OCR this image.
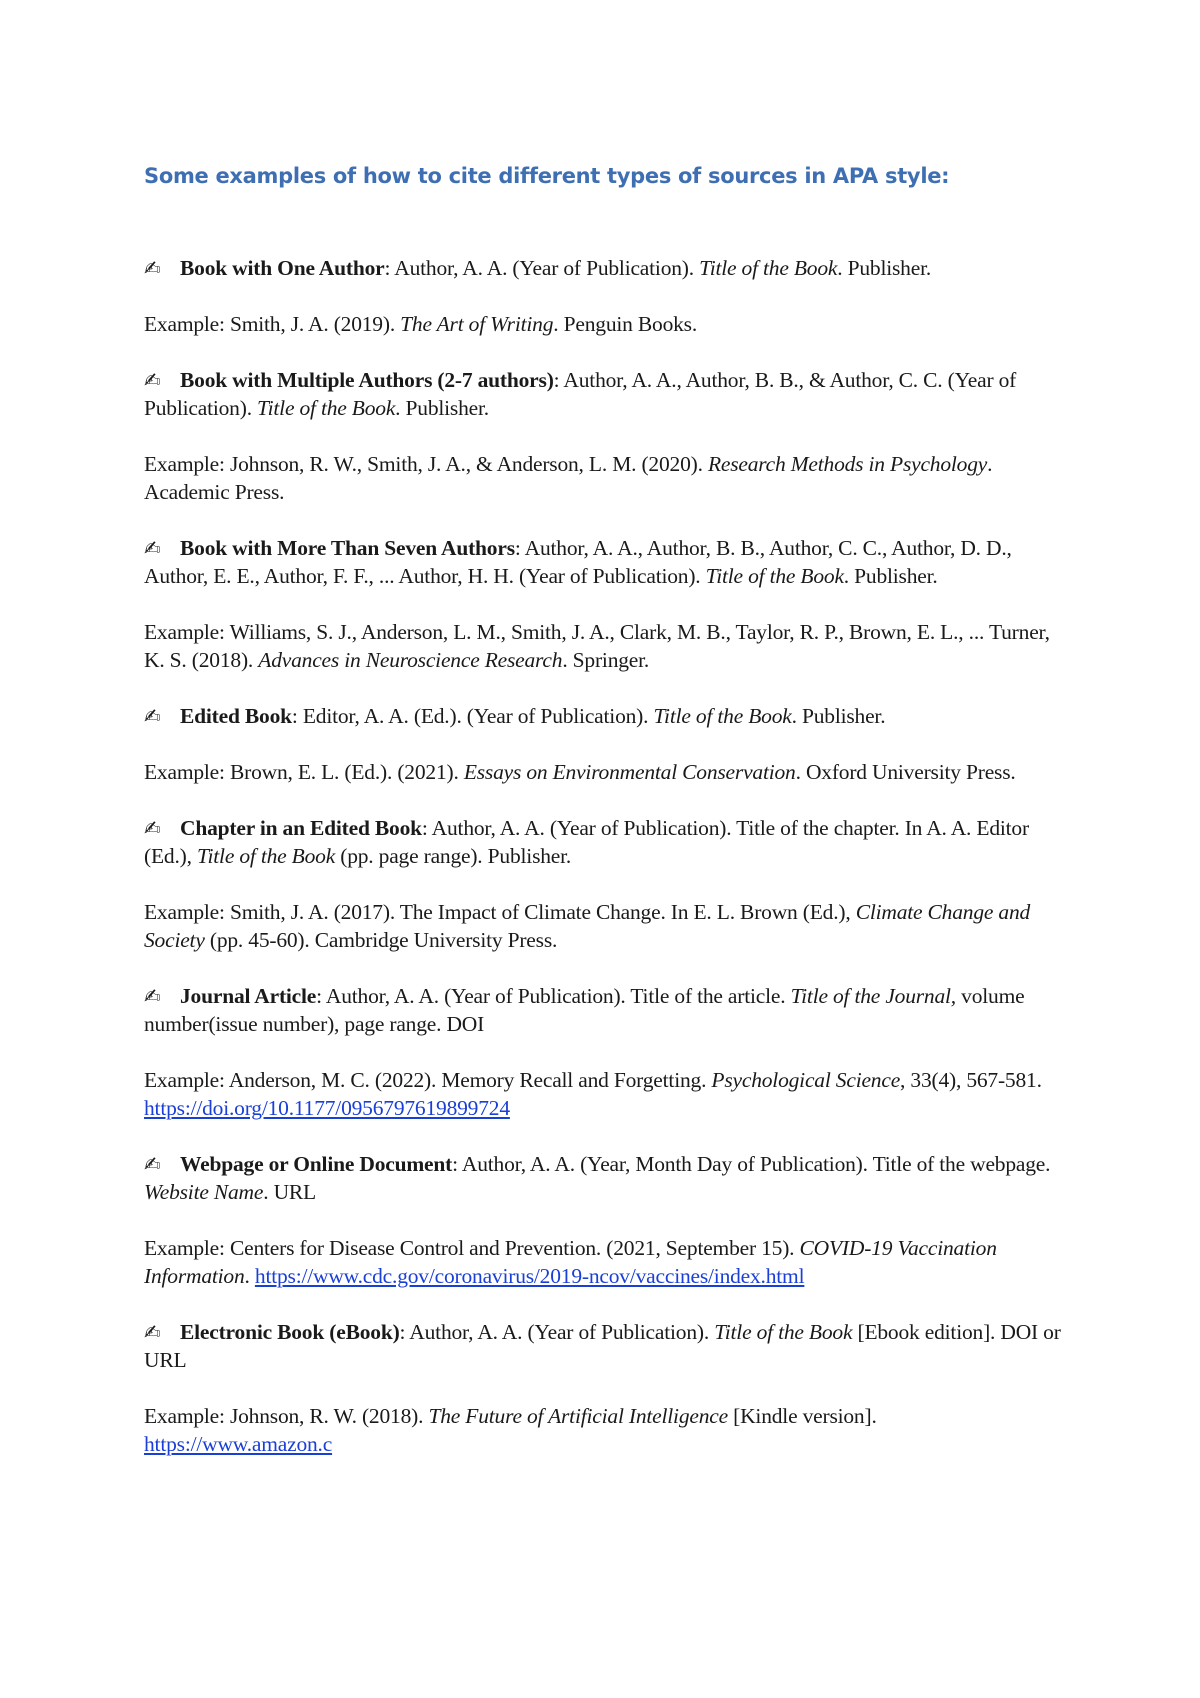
Some examples of how to cite different types of sources in APA style:

✍Book with One Author: Author, A. A. (Year of Publication). Title of the Book. Publisher.

Example: Smith, J. A. (2019). The Art of Writing. Penguin Books.

✍Book with Multiple Authors (2-7 authors): Author, A. A., Author, B. B., & Author, C. C. (Year of Publication). Title of the Book. Publisher.

Example: Johnson, R. W., Smith, J. A., & Anderson, L. M. (2020). Research Methods in Psychology. Academic Press.

✍Book with More Than Seven Authors: Author, A. A., Author, B. B., Author, C. C., Author, D. D., Author, E. E., Author, F. F., ... Author, H. H. (Year of Publication). Title of the Book. Publisher.

Example: Williams, S. J., Anderson, L. M., Smith, J. A., Clark, M. B., Taylor, R. P., Brown, E. L., ... Turner, K. S. (2018). Advances in Neuroscience Research. Springer.

✍Edited Book: Editor, A. A. (Ed.). (Year of Publication). Title of the Book. Publisher.

Example: Brown, E. L. (Ed.). (2021). Essays on Environmental Conservation. Oxford University Press.

✍Chapter in an Edited Book: Author, A. A. (Year of Publication). Title of the chapter. In A. A. Editor (Ed.), Title of the Book (pp. page range). Publisher.

Example: Smith, J. A. (2017). The Impact of Climate Change. In E. L. Brown (Ed.), Climate Change and Society (pp. 45-60). Cambridge University Press.

✍Journal Article: Author, A. A. (Year of Publication). Title of the article. Title of the Journal, volume number(issue number), page range. DOI

Example: Anderson, M. C. (2022). Memory Recall and Forgetting. Psychological Science, 33(4), 567-581. https://doi.org/10.1177/0956797619899724

✍Webpage or Online Document: Author, A. A. (Year, Month Day of Publication). Title of the webpage. Website Name. URL

Example: Centers for Disease Control and Prevention. (2021, September 15). COVID-19 Vaccination Information. https://www.cdc.gov/coronavirus/2019-ncov/vaccines/index.html

✍Electronic Book (eBook): Author, A. A. (Year of Publication). Title of the Book [Ebook edition]. DOI or URL

Example: Johnson, R. W. (2018). The Future of Artificial Intelligence [Kindle version]. https://www.amazon.c
